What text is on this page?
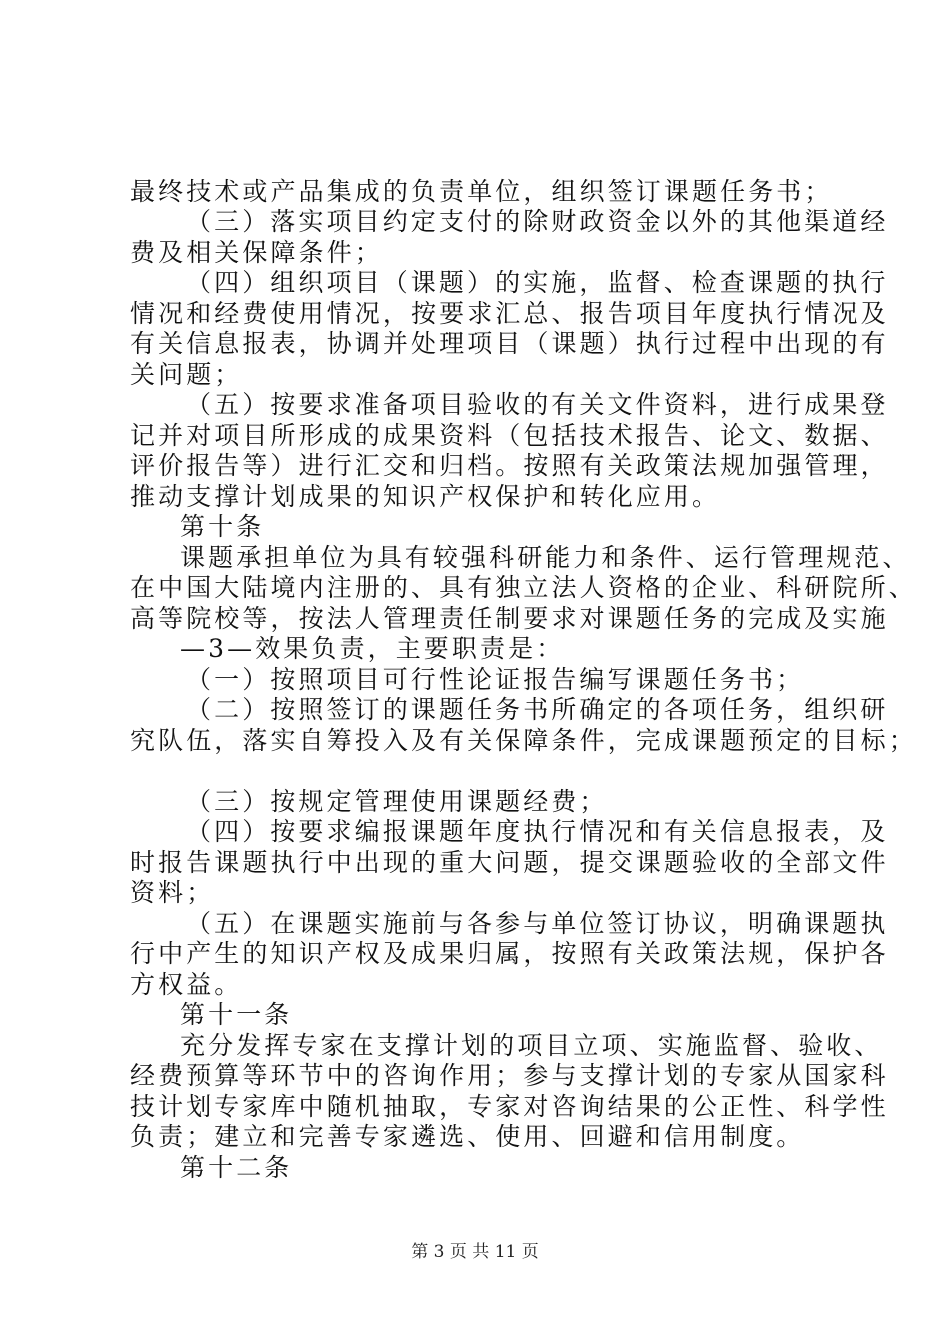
最终技术或产品集成的负责单位，组织签订课题任务书；
（三）落实项目约定支付的除财政资金以外的其他渠道经
费及相关保障条件；
（四）组织项目（课题）的实施，监督、检查课题的执行
情况和经费使用情况，按要求汇总、报告项目年度执行情况及
有关信息报表，协调并处理项目（课题）执行过程中出现的有
关问题；
（五）按要求准备项目验收的有关文件资料，进行成果登
记并对项目所形成的成果资料（包括技术报告、论文、数据、
评价报告等）进行汇交和归档。按照有关政策法规加强管理，
推动支撑计划成果的知识产权保护和转化应用。
第十条
课题承担单位为具有较强科研能力和条件、运行管理规范、
在中国大陆境内注册的、具有独立法人资格的企业、科研院所、
高等院校等，按法人管理责任制要求对课题任务的完成及实施
—3—效果负责，主要职责是：
（一）按照项目可行性论证报告编写课题任务书；
（二）按照签订的课题任务书所确定的各项任务，组织研
究队伍，落实自筹投入及有关保障条件，完成课题预定的目标；
（三）按规定管理使用课题经费；
（四）按要求编报课题年度执行情况和有关信息报表，及
时报告课题执行中出现的重大问题，提交课题验收的全部文件
资料；
（五）在课题实施前与各参与单位签订协议，明确课题执
行中产生的知识产权及成果归属，按照有关政策法规，保护各
方权益。
第十一条
充分发挥专家在支撑计划的项目立项、实施监督、验收、
第 3 页 共 11 页
经费预算等环节中的咨询作用；参与支撑计划的专家从国家科
技计划专家库中随机抽取，专家对咨询结果的公正性、科学性
负责；建立和完善专家遴选、使用、回避和信用制度。
第十二条
